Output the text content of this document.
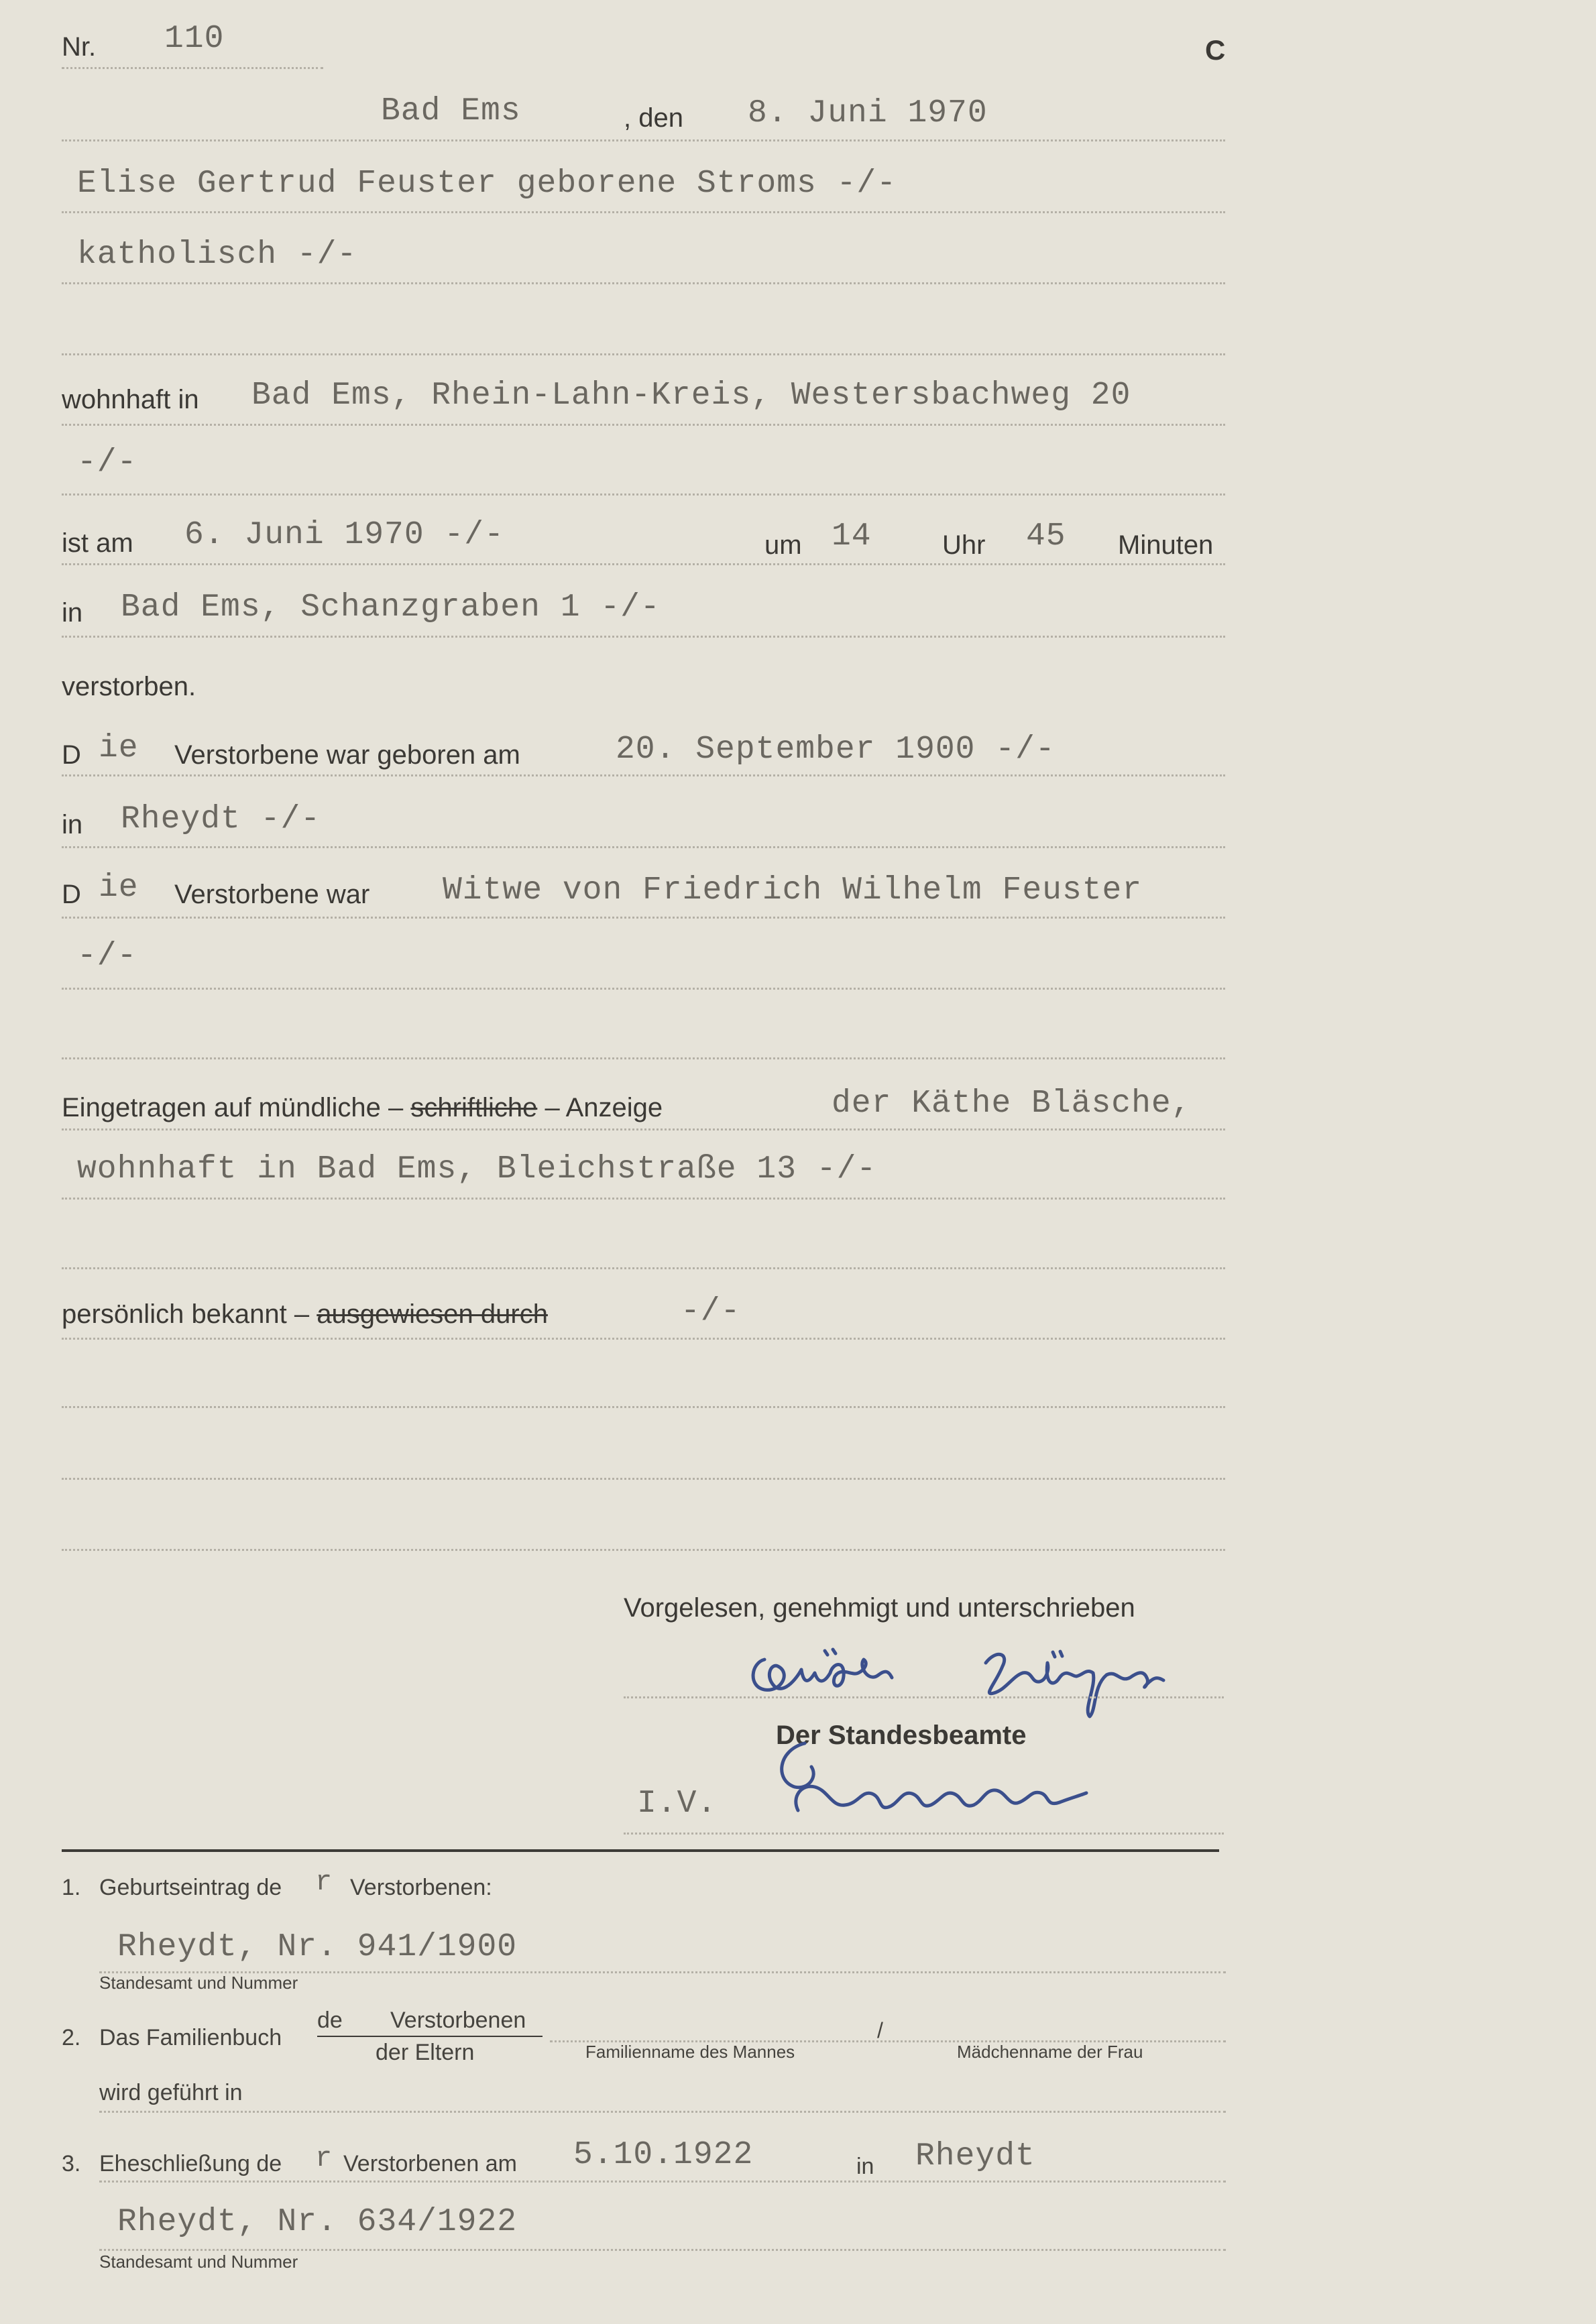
Nr. 110	C
Bad Ems	, den 8. Juni 1970
Elise Gertrud Feuster geborene Stroms -/-
katholisch -/-
wohnhaft in Bad Ems, Rhein-Lahn-Kreis, Westersbachweg 20
-/-
ist am 6. Juni 1970 -/-	um 14	Uhr 45 Minuten
in Bad Ems, Schanzgraben 1 -/-
verstorben.
D ie Verstorbene war geboren am	20. September 1900 -/-
in Rheydt -/-
D ie Verstorbene war Witwe von Friedrich Wilhelm Feuster
-/-
Eingetragen auf mündliche – schriftliche – Anzeige	der Käthe Bläsche,
wohnhaft in Bad Ems, Bleichstraße 13 -/-
persönlich bekannt – ausgewiesen durch	-/-
Vorgelesen, genehmigt und unterschrieben
Der Standesbeamte
I.V.
1. Geburtseintrag de r Verstorbenen:
Rheydt, Nr. 941/1900
Standesamt und Nummer
2. Das Familienbuch
de Verstorbenen
der Eltern	Familienname des Mannes
/
Mädchenname der Frau
wird geführt in
3. Eheschließung de r Verstorbenen am 5.10.1922	in Rheydt
Rheydt, Nr. 634/1922
Standesamt und Nummer
